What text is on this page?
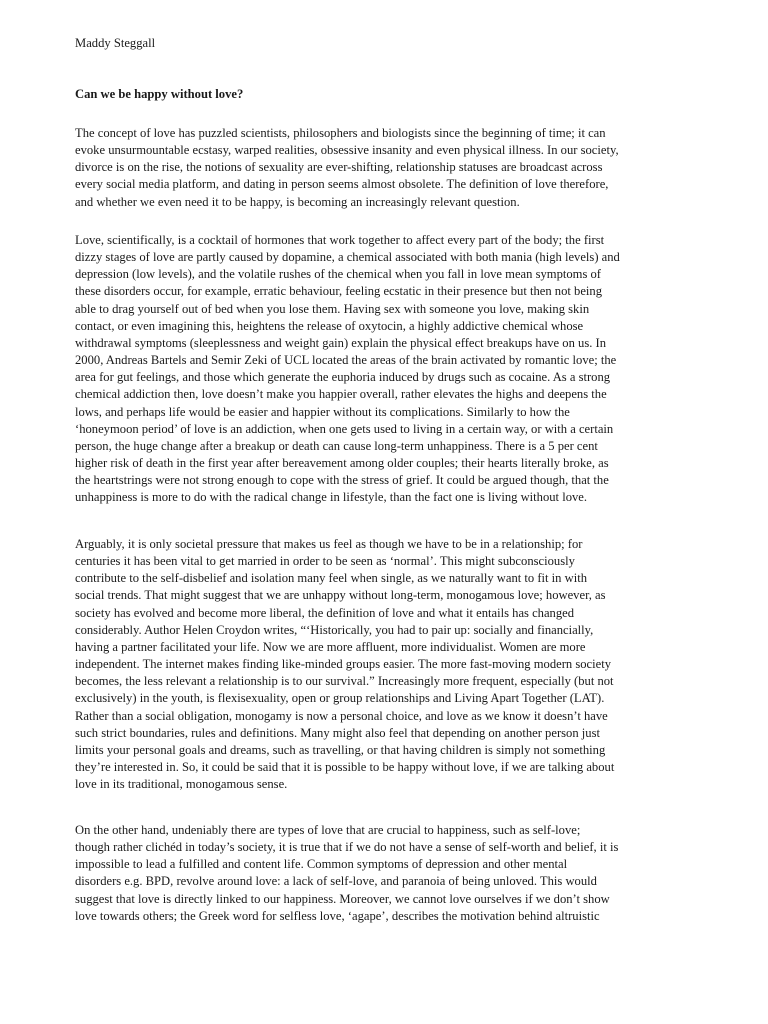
Maddy Steggall

Can we be happy without love?

The concept of love has puzzled scientists, philosophers and biologists since the beginning of time; it can
evoke unsurmountable ecstasy, warped realities, obsessive insanity and even physical illness. In our society,
divorce is on the rise, the notions of sexuality are ever-shifting, relationship statuses are broadcast across
every social media platform, and dating in person seems almost obsolete. The definition of love therefore,
and whether we even need it to be happy, is becoming an increasingly relevant question.
Love, scientifically, is a cocktail of hormones that work together to affect every part of the body; the first
dizzy stages of love are partly caused by dopamine, a chemical associated with both mania (high levels) and
depression (low levels), and the volatile rushes of the chemical when you fall in love mean symptoms of
these disorders occur, for example, erratic behaviour, feeling ecstatic in their presence but then not being
able to drag yourself out of bed when you lose them. Having sex with someone you love, making skin
contact, or even imagining this, heightens the release of oxytocin, a highly addictive chemical whose
withdrawal symptoms (sleeplessness and weight gain) explain the physical effect breakups have on us. In
2000, Andreas Bartels and Semir Zeki of UCL located the areas of the brain activated by romantic love; the
area for gut feelings, and those which generate the euphoria induced by drugs such as cocaine. As a strong
chemical addiction then, love doesn’t make you happier overall, rather elevates the highs and deepens the
lows, and perhaps life would be easier and happier without its complications. Similarly to how the
‘honeymoon period’ of love is an addiction, when one gets used to living in a certain way, or with a certain
person, the huge change after a breakup or death can cause long-term unhappiness. There is a 5 per cent
higher risk of death in the first year after bereavement among older couples; their hearts literally broke, as
the heartstrings were not strong enough to cope with the stress of grief. It could be argued though, that the
unhappiness is more to do with the radical change in lifestyle, than the fact one is living without love.
Arguably, it is only societal pressure that makes us feel as though we have to be in a relationship; for
centuries it has been vital to get married in order to be seen as ‘normal’. This might subconsciously
contribute to the self-disbelief and isolation many feel when single, as we naturally want to fit in with
social trends. That might suggest that we are unhappy without long-term, monogamous love; however, as
society has evolved and become more liberal, the definition of love and what it entails has changed
considerably. Author Helen Croydon writes, “‘Historically, you had to pair up: socially and financially,
having a partner facilitated your life. Now we are more affluent, more individualist. Women are more
independent. The internet makes finding like-minded groups easier. The more fast-moving modern society
becomes, the less relevant a relationship is to our survival.” Increasingly more frequent, especially (but not
exclusively) in the youth, is flexisexuality, open or group relationships and Living Apart Together (LAT).
Rather than a social obligation, monogamy is now a personal choice, and love as we know it doesn’t have
such strict boundaries, rules and definitions. Many might also feel that depending on another person just
limits your personal goals and dreams, such as travelling, or that having children is simply not something
they’re interested in. So, it could be said that it is possible to be happy without love, if we are talking about
love in its traditional, monogamous sense.
On the other hand, undeniably there are types of love that are crucial to happiness, such as self-love;
though rather clichéd in today’s society, it is true that if we do not have a sense of self-worth and belief, it is
impossible to lead a fulfilled and content life. Common symptoms of depression and other mental
disorders e.g. BPD, revolve around love: a lack of self-love, and paranoia of being unloved. This would
suggest that love is directly linked to our happiness. Moreover, we cannot love ourselves if we don’t show
love towards others; the Greek word for selfless love, ‘agape’, describes the motivation behind altruistic
